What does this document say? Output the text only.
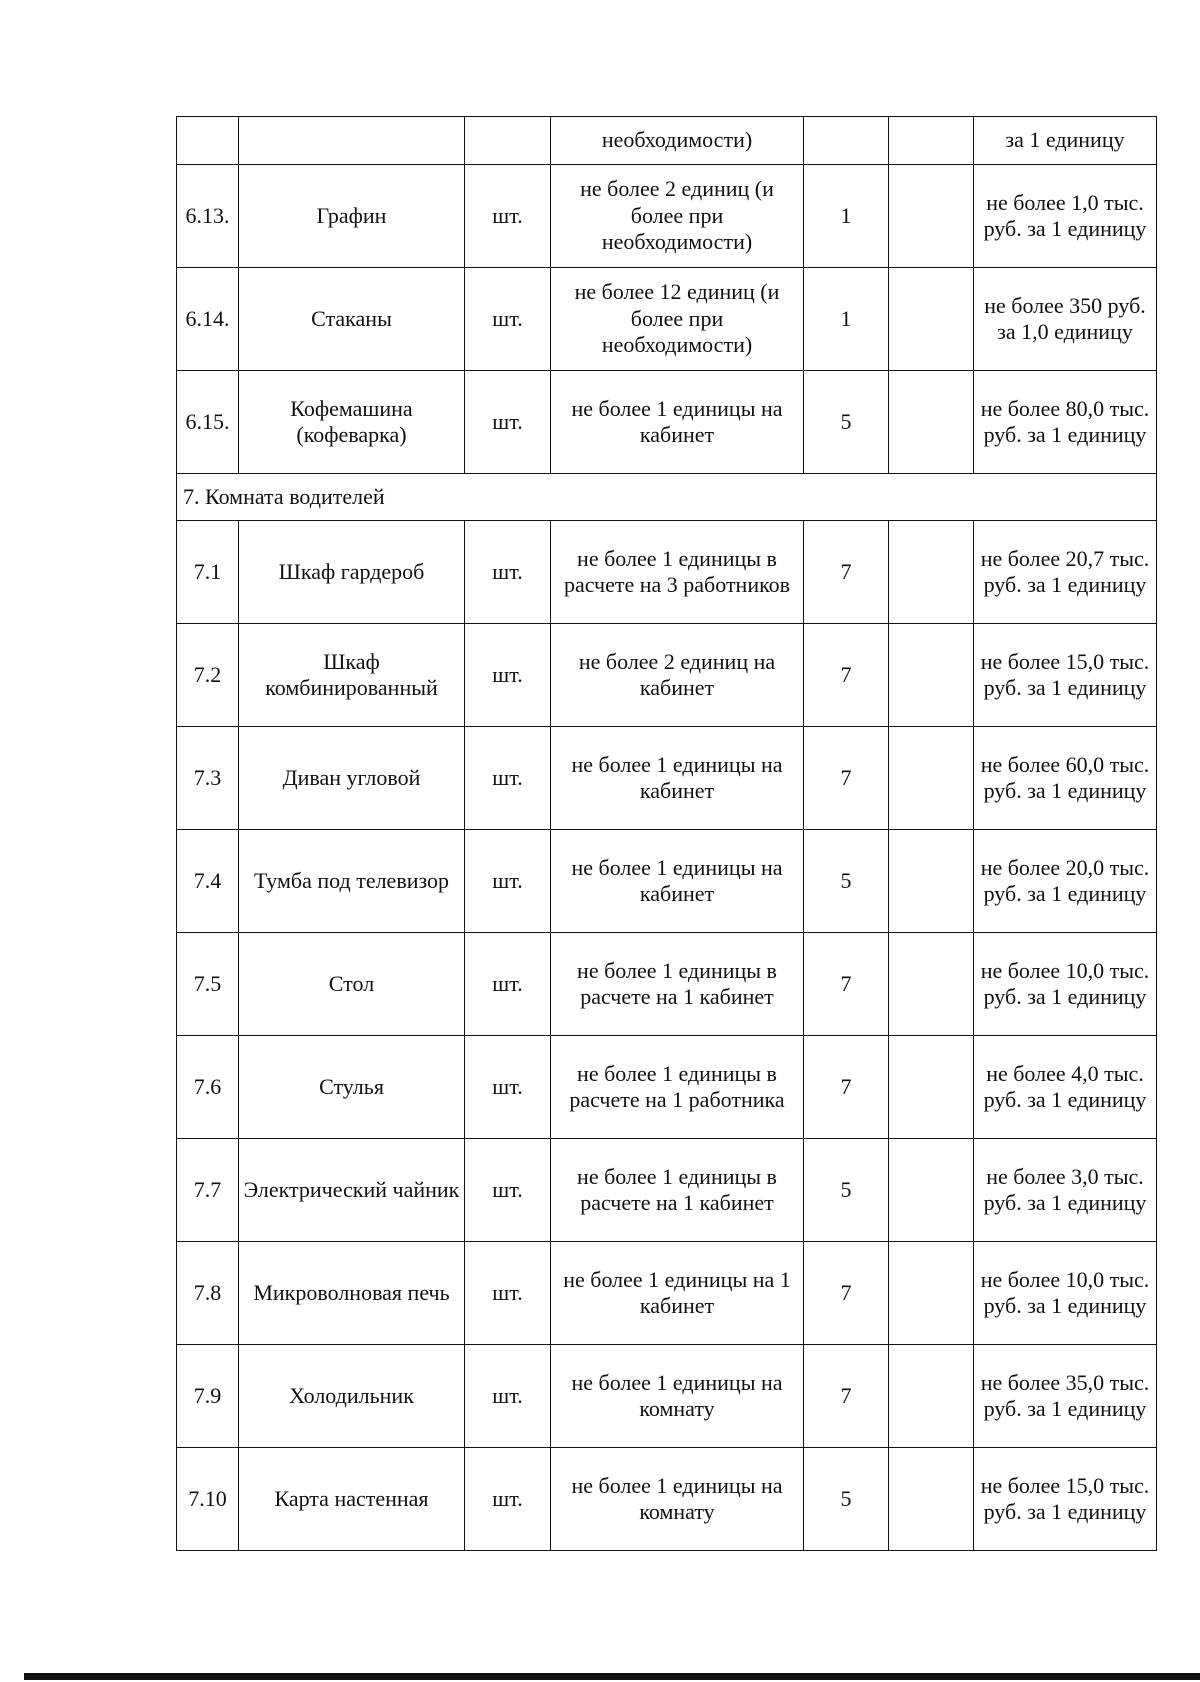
			необходимости)			за 1 единицу
6.13.	Графин	шт.	не более 2 единиц (и более при необходимости)	1		не более 1,0 тыс. руб. за 1 единицу
6.14.	Стаканы	шт.	не более 12 единиц (и более при необходимости)	1		не более 350 руб. за 1,0 единицу
6.15.	Кофемашина (кофеварка)	шт.	не более 1 единицы на кабинет	5		не более 80,0 тыс. руб. за 1 единицу
7. Комната водителей						
7.1	Шкаф гардероб	шт.	не более 1 единицы в расчете на 3 работников	7		не более 20,7 тыс. руб. за 1 единицу
7.2	Шкаф комбинированный	шт.	не более 2 единиц на кабинет	7		не более 15,0 тыс. руб. за 1 единицу
7.3	Диван угловой	шт.	не более 1 единицы на кабинет	7		не более 60,0 тыс. руб. за 1 единицу
7.4	Тумба под телевизор	шт.	не более 1 единицы на кабинет	5		не более 20,0 тыс. руб. за 1 единицу
7.5	Стол	шт.	не более 1 единицы в расчете на 1 кабинет	7		не более 10,0 тыс. руб. за 1 единицу
7.6	Стулья	шт.	не более 1 единицы в расчете на 1 работника	7		не более 4,0 тыс. руб. за 1 единицу
7.7	Электрический чайник	шт.	не более 1 единицы в расчете на 1 кабинет	5		не более 3,0 тыс. руб. за 1 единицу
7.8	Микроволновая печь	шт.	не более 1 единицы на 1 кабинет	7		не более 10,0 тыс. руб. за 1 единицу
7.9	Холодильник	шт.	не более 1 единицы на комнату	7		не более 35,0 тыс. руб. за 1 единицу
7.10	Карта настенная	шт.	не более 1 единицы на комнату	5		не более 15,0 тыс. руб. за 1 единицу
